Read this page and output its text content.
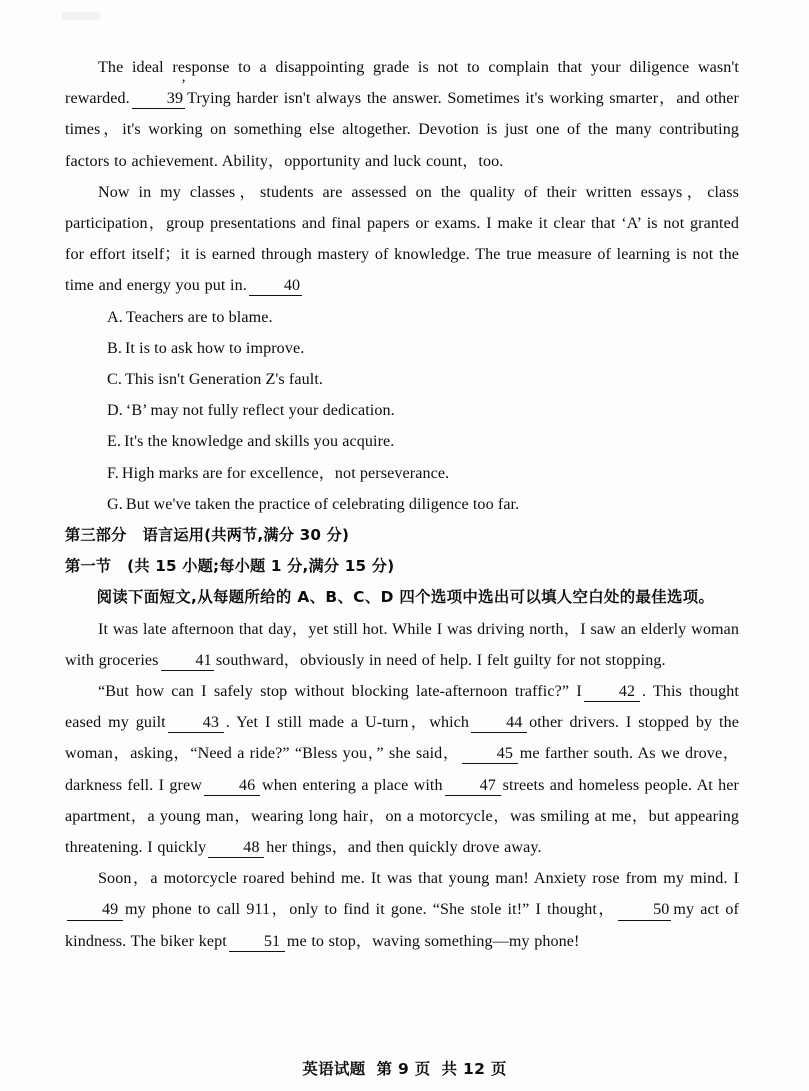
The ideal response to a disappointing grade is not to complain that your diligence wasn't rewarded. 39
’
Trying harder isn't always the answer. Sometimes it's working smarter，and other times，it's working on something else altogether. Devotion is just one of the many contributing factors to achievement. Ability，opportunity and luck count，too.

Now in my classes，students are assessed on the quality of their written essays，class participation，group presentations and final papers or exams. I make it clear that ‘A’ is not granted for effort itself；it is earned through mastery of knowledge. The true measure of learning is not the time and energy you put in. 40

A. Teachers are to blame.
B. It is to ask how to improve.
C. This isn't Generation Z's fault.
D. ‘B’ may not fully reflect your dedication.
E. It's the knowledge and skills you acquire.
F. High marks are for excellence，not perseverance.
G. But we've taken the practice of celebrating diligence too far.
第三部分 语言运用(共两节,满分 30 分)
第一节 (共 15 小题;每小题 1 分,满分 15 分)
阅读下面短文,从每题所给的 A、B、C、D 四个选项中选出可以填人空白处的最佳选项。

It was late afternoon that day，yet still hot. While I was driving north，I saw an elderly woman with groceries 41 southward，obviously in need of help. I felt guilty for not stopping.

“But how can I safely stop without blocking late-afternoon traffic?” I 42 . This thought eased my guilt 43 . Yet I still made a U-turn，which 44 other drivers. I stopped by the woman，asking，“Need a ride?” “Bless you，” she said， 45 me farther south. As we drove，darkness fell. I grew 46 when entering a place with 47 streets and homeless people. At her apartment，a young man，wearing long hair，on a motorcycle，was smiling at me，but appearing threatening. I quickly 48 her things，and then quickly drove away.

Soon，a motorcycle roared behind me. It was that young man! Anxiety rose from my mind. I49 my phone to call 911，only to find it gone. “She stole it!” I thought， 50 my act of kindness. The biker kept 51 me to stop，waving something—my phone!

英语试题 第 9 页 共 12 页
